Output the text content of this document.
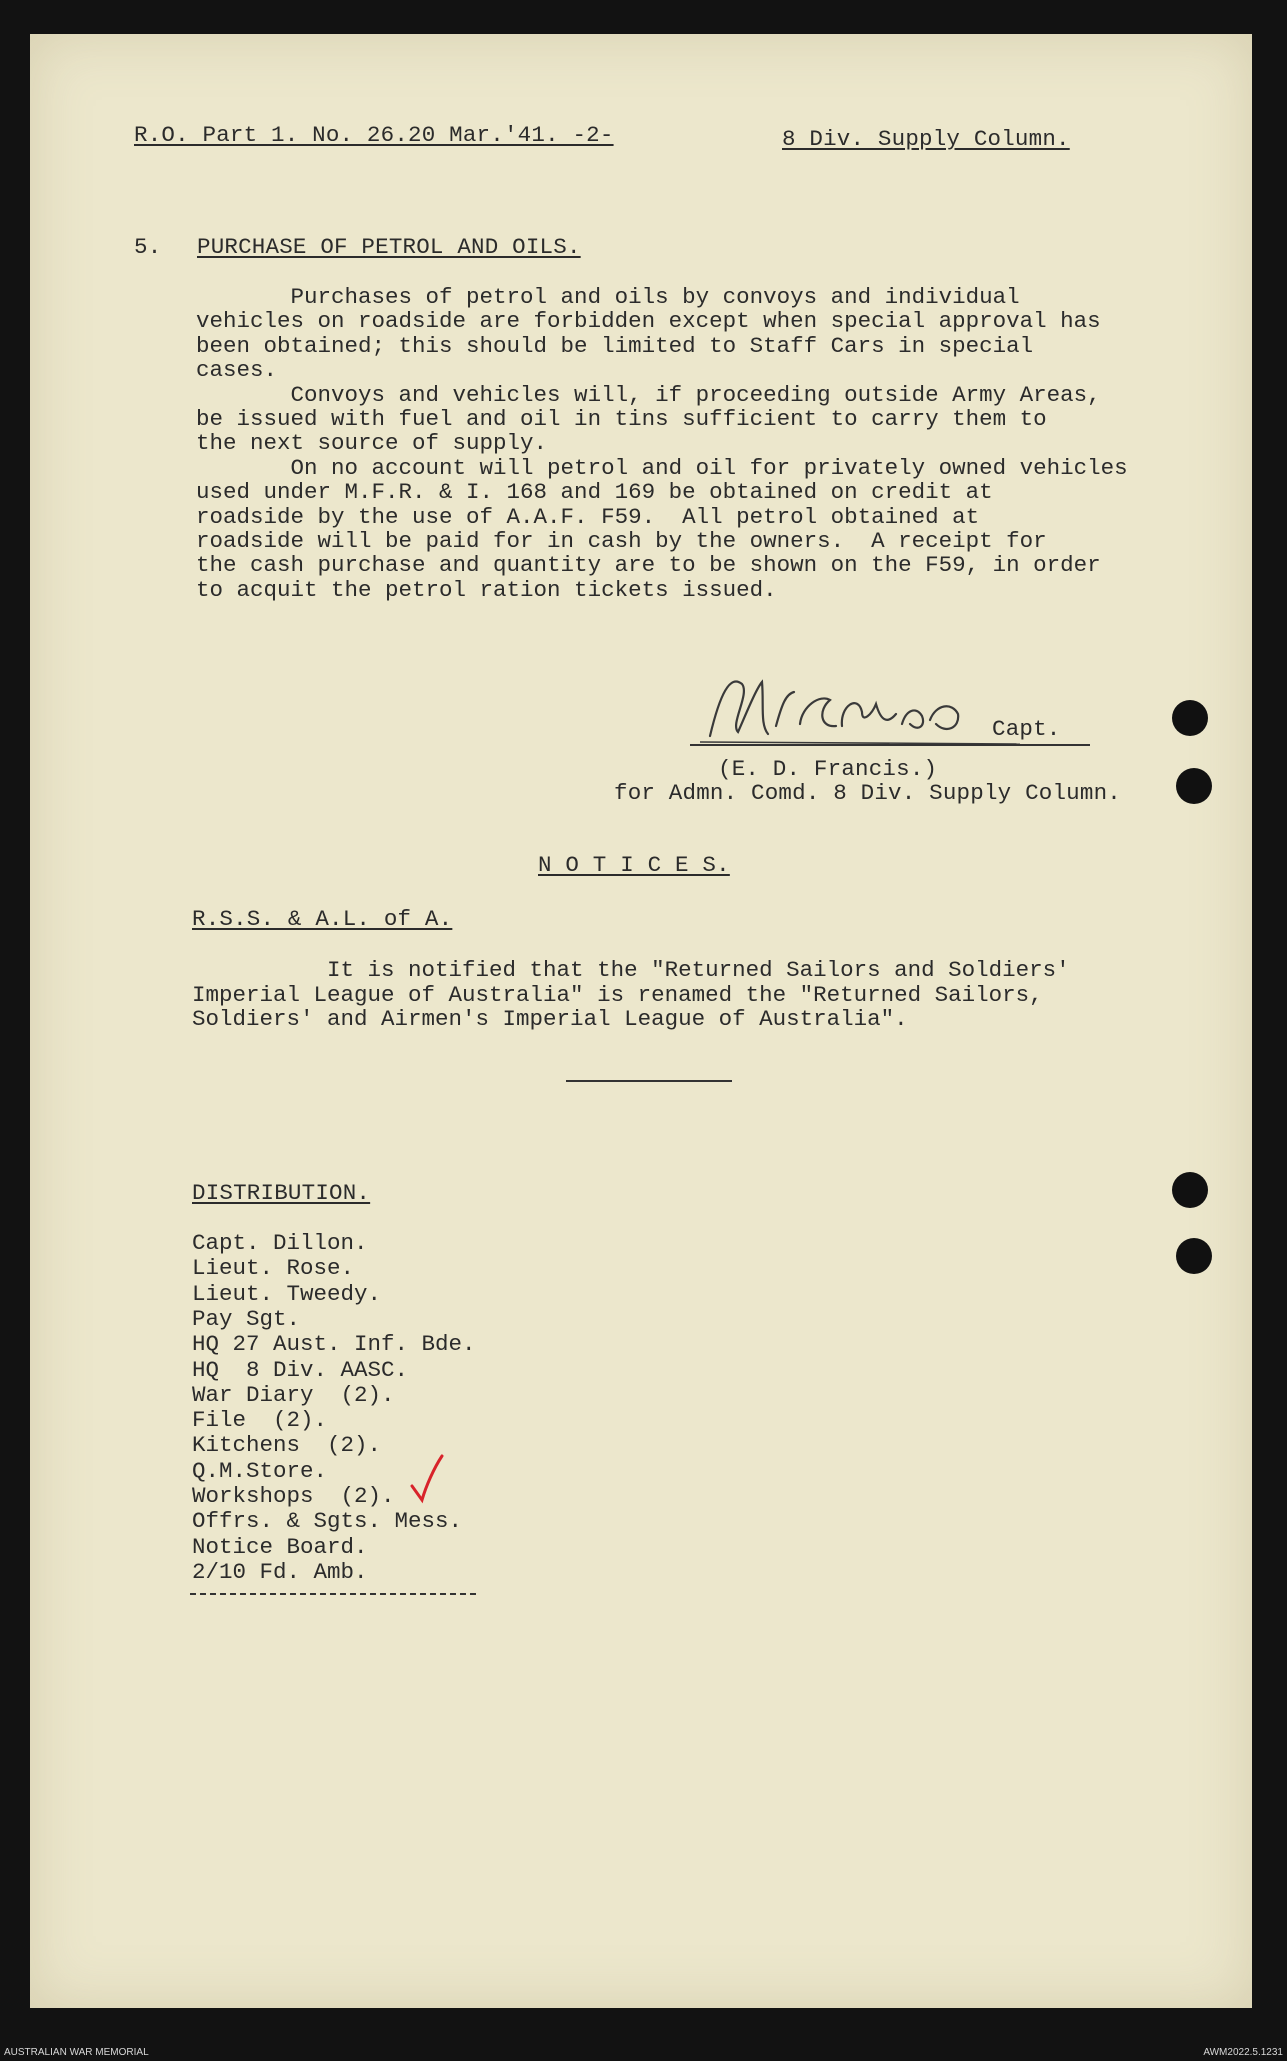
R.O. Part 1. No. 26.20 Mar.'41. -2-	8 Div. Supply Column.
5. PURCHASE OF PETROL AND OILS.
Capt.
(E. D. Francis.)
for Admn. Comd. 8 Div. Supply Column.
N O T I C E S.
R.S.S. & A.L. of A.
DISTRIBUTION.
Purchases of petrol and oils by convoys and individual
vehicles on roadside are forbidden except when special approval has
been obtained; this should be limited to Staff Cars in special
cases.
Convoys and vehicles will, if proceeding outside Army Areas,
be issued with fuel and oil in tins sufficient to carry them to
the next source of supply.
On no account will petrol and oil for privately owned vehicles
used under M.F.R. & I. 168 and 169 be obtained on credit at
roadside by the use of A.A.F. F59.  All petrol obtained at
roadside will be paid for in cash by the owners.  A receipt for
the cash purchase and quantity are to be shown on the F59, in order
to acquit the petrol ration tickets issued.
It is notified that the "Returned Sailors and Soldiers'
Imperial League of Australia" is renamed the "Returned Sailors,
Soldiers' and Airmen's Imperial League of Australia".
Capt. Dillon.
Lieut. Rose.
Lieut. Tweedy.
Pay Sgt.
HQ 27 Aust. Inf. Bde.
HQ  8 Div. AASC.
War Diary  (2).
File  (2).
Kitchens  (2).
Q.M.Store.
Workshops  (2).
Offrs. & Sgts. Mess.
Notice Board.
2/10 Fd. Amb.
AUSTRALIAN WAR MEMORIAL	AWM2022.5.1231
